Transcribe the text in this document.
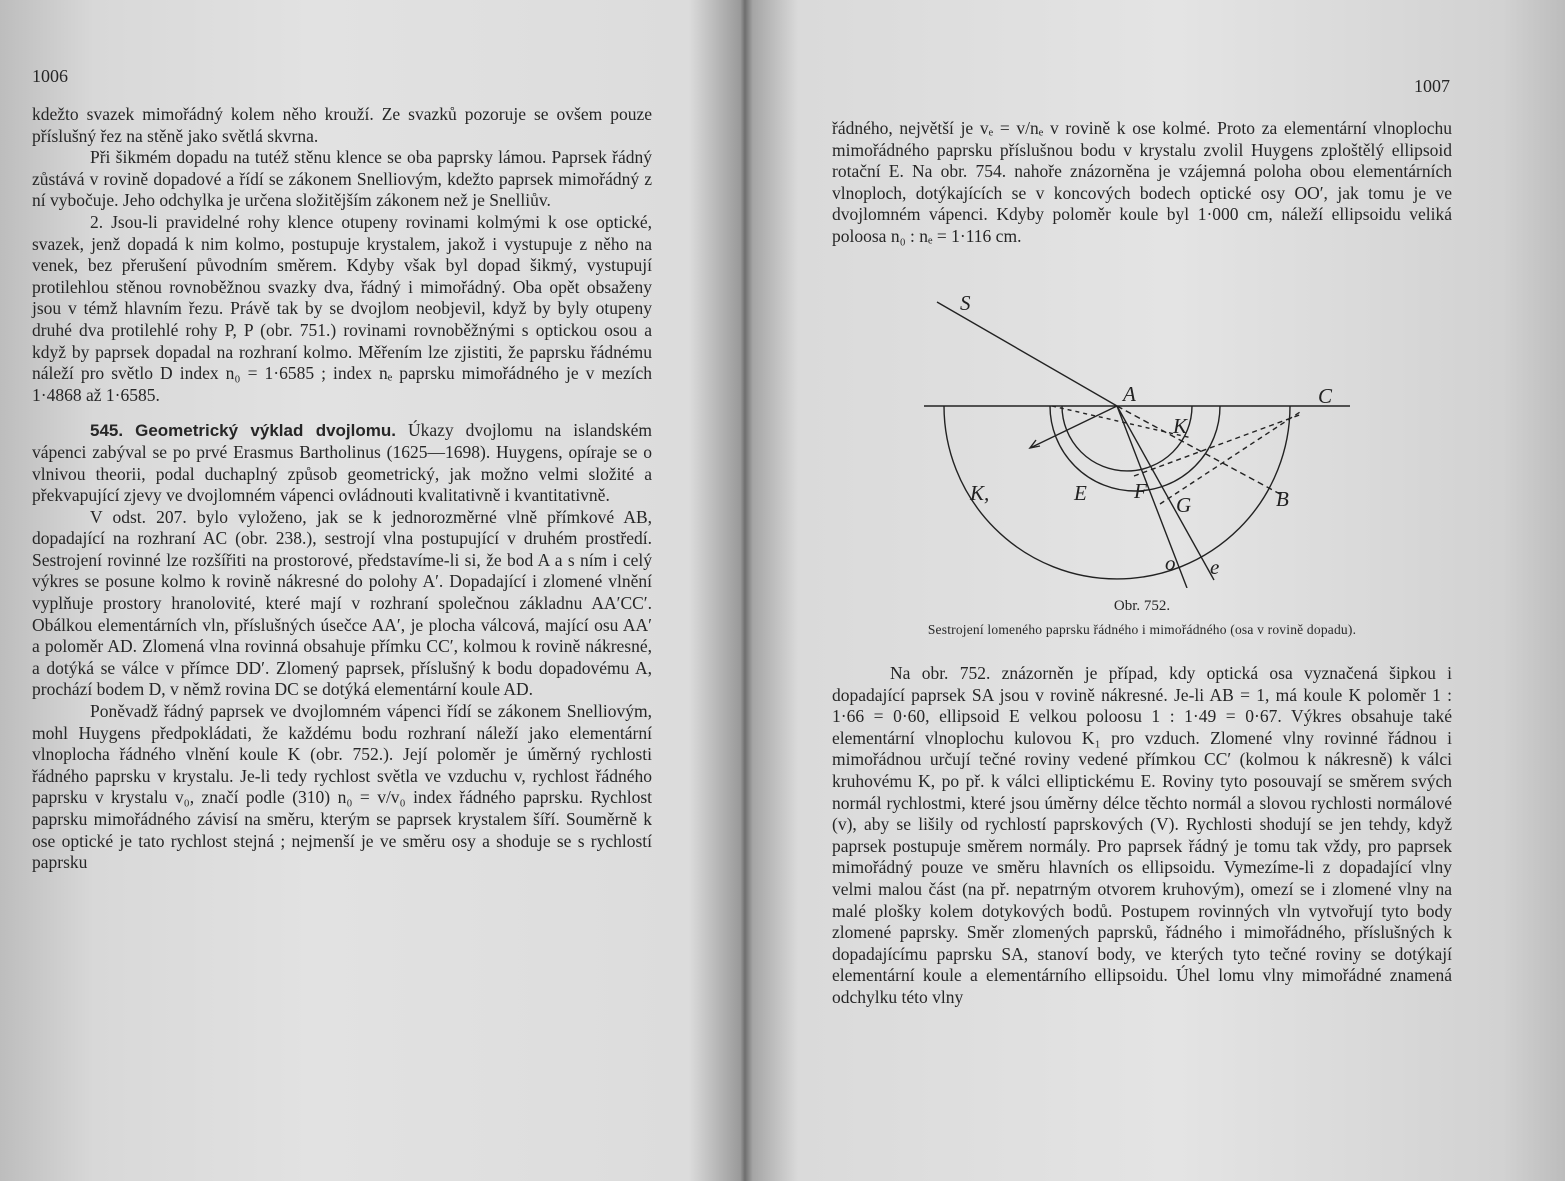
1006

kdežto svazek mimořádný kolem něho krouží. Ze svazků pozoruje se ovšem pouze příslušný řez na stěně jako světlá skvrna.

Při šikmém dopadu na tutéž stěnu klence se oba paprsky lámou. Paprsek řádný zůstává v rovině dopadové a řídí se zákonem Snelliovým, kdežto paprsek mimořádný z ní vybočuje. Jeho odchylka je určena složitějším zákonem než je Snelliův.

2. Jsou-li pravidelné rohy klence otupeny rovinami kolmými k ose optické, svazek, jenž dopadá k nim kolmo, postupuje krystalem, jakož i vystupuje z něho na venek, bez přerušení původním směrem. Kdyby však byl dopad šikmý, vystupují protilehlou stěnou rovnoběžnou svazky dva, řádný i mimořádný. Oba opět obsaženy jsou v témž hlavním řezu. Právě tak by se dvojlom neobjevil, když by byly otupeny druhé dva protilehlé rohy P, P (obr. 751.) rovinami rovnoběžnými s optickou osou a když by paprsek dopadal na rozhraní kolmo. Měřením lze zjistiti, že paprsku řádnému náleží pro světlo D index n₀ = 1·6585 ; index nₑ paprsku mimořádného je v mezích 1·4868 až 1·6585.

545. Geometrický výklad dvojlomu. Úkazy dvojlomu na islandském vápenci zabýval se po prvé Erasmus Bartholinus (1625—1698). Huygens, opíraje se o vlnivou theorii, podal duchaplný způsob geometrický, jak možno velmi složité a překvapující zjevy ve dvojlomném vápenci ovládnouti kvalitativně i kvantitativně.

V odst. 207. bylo vyloženo, jak se k jednorozměrné vlně přímkové AB, dopadající na rozhraní AC (obr. 238.), sestrojí vlna postupující v druhém prostředí. Sestrojení rovinné lze rozšířiti na prostorové, představíme-li si, že bod A a s ním i celý výkres se posune kolmo k rovině nákresné do polohy A′. Dopadající i zlomené vlnění vyplňuje prostory hranolovité, které mají v rozhraní společnou základnu AA′CC′. Obálkou elementárních vln, příslušných úsečce AA′, je plocha válcová, mající osu AA′ a poloměr AD. Zlomená vlna rovinná obsahuje přímku CC′, kolmou k rovině nákresné, a dotýká se válce v přímce DD′. Zlomený paprsek, příslušný k bodu dopadovému A, prochází bodem D, v němž rovina DC se dotýká elementární koule AD.

Poněvadž řádný paprsek ve dvojlomném vápenci řídí se zákonem Snelliovým, mohl Huygens předpokládati, že každému bodu rozhraní náleží jako elementární vlnoplocha řádného vlnění koule K (obr. 752.). Její poloměr je úměrný rychlosti řádného paprsku v krystalu. Je-li tedy rychlost světla ve vzduchu v, rychlost řádného paprsku v krystalu v₀, značí podle (310) n₀ = v/v₀ index řádného paprsku. Rychlost paprsku mimořádného závisí na směru, kterým se paprsek krystalem šíří. Souměrně k ose optické je tato rychlost stejná ; nejmenší je ve směru osy a shoduje se s rychlostí paprsku

1007

řádného, největší je vₑ = v/nₑ v rovině k ose kolmé. Proto za elementární vlnoplochu mimořádného paprsku příslušnou bodu v krystalu zvolil Huygens zploštělý ellipsoid rotační E. Na obr. 754. nahoře znázorněna je vzájemná poloha obou elementárních vlnoploch, dotýkajících se v koncových bodech optické osy OO′, jak tomu je ve dvojlomném vápenci. Kdyby poloměr koule byl 1·000 cm, náleží ellipsoidu veliká poloosa n₀ : nₑ = 1·116 cm.

S
A	C
K
K,	E F
G	B
o e
Obr. 752.
Sestrojení lomeného paprsku řádného i mimořádného (osa v rovině dopadu).

Na obr. 752. znázorněn je případ, kdy optická osa vyznačená šipkou i dopadající paprsek SA jsou v rovině nákresné. Je-li AB = 1, má koule K poloměr 1 : 1·66 = 0·60, ellipsoid E velkou poloosu 1 : 1·49 = 0·67. Výkres obsahuje také elementární vlnoplochu kulovou K₁ pro vzduch. Zlomené vlny rovinné řádnou i mimořádnou určují tečné roviny vedené přímkou CC′ (kolmou k nákresně) k válci kruhovému K, po př. k válci elliptickému E. Roviny tyto posouvají se směrem svých normál rychlostmi, které jsou úměrny délce těchto normál a slovou rychlosti normálové (v), aby se lišily od rychlostí paprskových (V). Rychlosti shodují se jen tehdy, když paprsek postupuje směrem normály. Pro paprsek řádný je tomu tak vždy, pro paprsek mimořádný pouze ve směru hlavních os ellipsoidu. Vymezíme-li z dopadající vlny velmi malou část (na př. nepatrným otvorem kruhovým), omezí se i zlomené vlny na malé plošky kolem dotykových bodů. Postupem rovinných vln vytvořují tyto body zlomené paprsky. Směr zlomených paprsků, řádného i mimořádného, příslušných k dopadajícímu paprsku SA, stanoví body, ve kterých tyto tečné roviny se dotýkají elementární koule a elementárního ellipsoidu. Úhel lomu vlny mimořádné znamená odchylku této vlny
